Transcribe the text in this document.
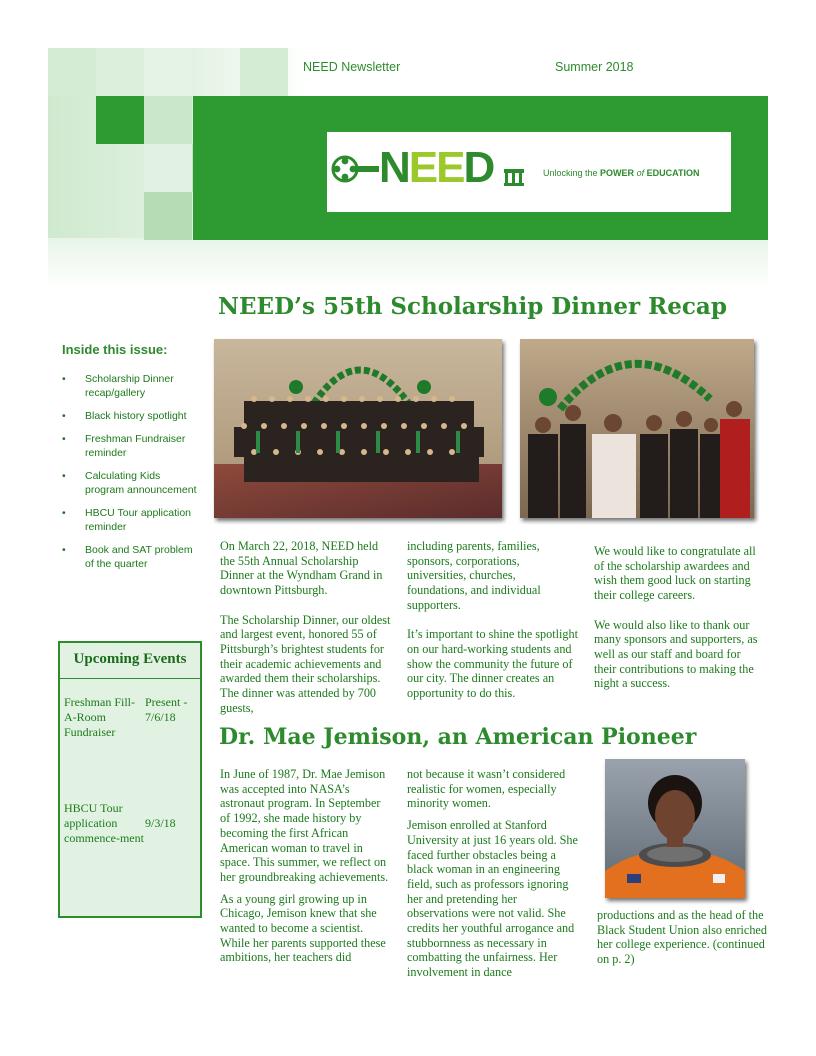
NEED Newsletter	Summer 2018
NEED	Unlocking the POWER of EDUCATION
Inside this issue:
• Scholarship Dinner recap/gallery
• Black history spotlight
• Freshman Fundraiser reminder
• Calculating Kids program announcement
• HBCU Tour application reminder
• Book and SAT problem of the quarter
Upcoming Events
Freshman Fill-A-Room Fundraiser
Present - 7/6/18
HBCU Tour application commence-ment
9/3/18
NEED’s 55th Scholarship Dinner Recap

On March 22, 2018, NEED held the 55th Annual Scholarship Dinner at the Wyndham Grand in downtown Pittsburgh.

The Scholarship Dinner, our oldest and largest event, honored 55 of Pittsburgh’s brightest students for their academic achievements and awarded them their scholarships. The dinner was attended by 700 guests,

including parents, families, sponsors, corporations, universities, churches, foundations, and individual supporters.

It’s important to shine the spotlight on our hard-working students and show the community the future of our city. The dinner creates an opportunity to do this.

We would like to congratulate all of the scholarship awardees and wish them good luck on starting their college careers.

We would also like to thank our many sponsors and supporters, as well as our staff and board for their contributions to making the night a success.

Dr. Mae Jemison, an American Pioneer

In June of 1987, Dr. Mae Jemison was accepted into NASA’s astronaut program. In September of 1992, she made history by becoming the first African American woman to travel in space. This summer, we reflect on her groundbreaking achievements.

As a young girl growing up in Chicago, Jemison knew that she wanted to become a scientist. While her parents supported these ambitions, her teachers did

not because it wasn’t considered realistic for women, especially minority women.

Jemison enrolled at Stanford University at just 16 years old. She faced further obstacles being a black woman in an engineering field, such as professors ignoring her and pretending her observations were not valid. She credits her youthful arrogance and stubbornness as necessary in combatting the unfairness. Her involvement in dance

productions and as the head of the Black Student Union also enriched her college experience. (continued on p. 2)
